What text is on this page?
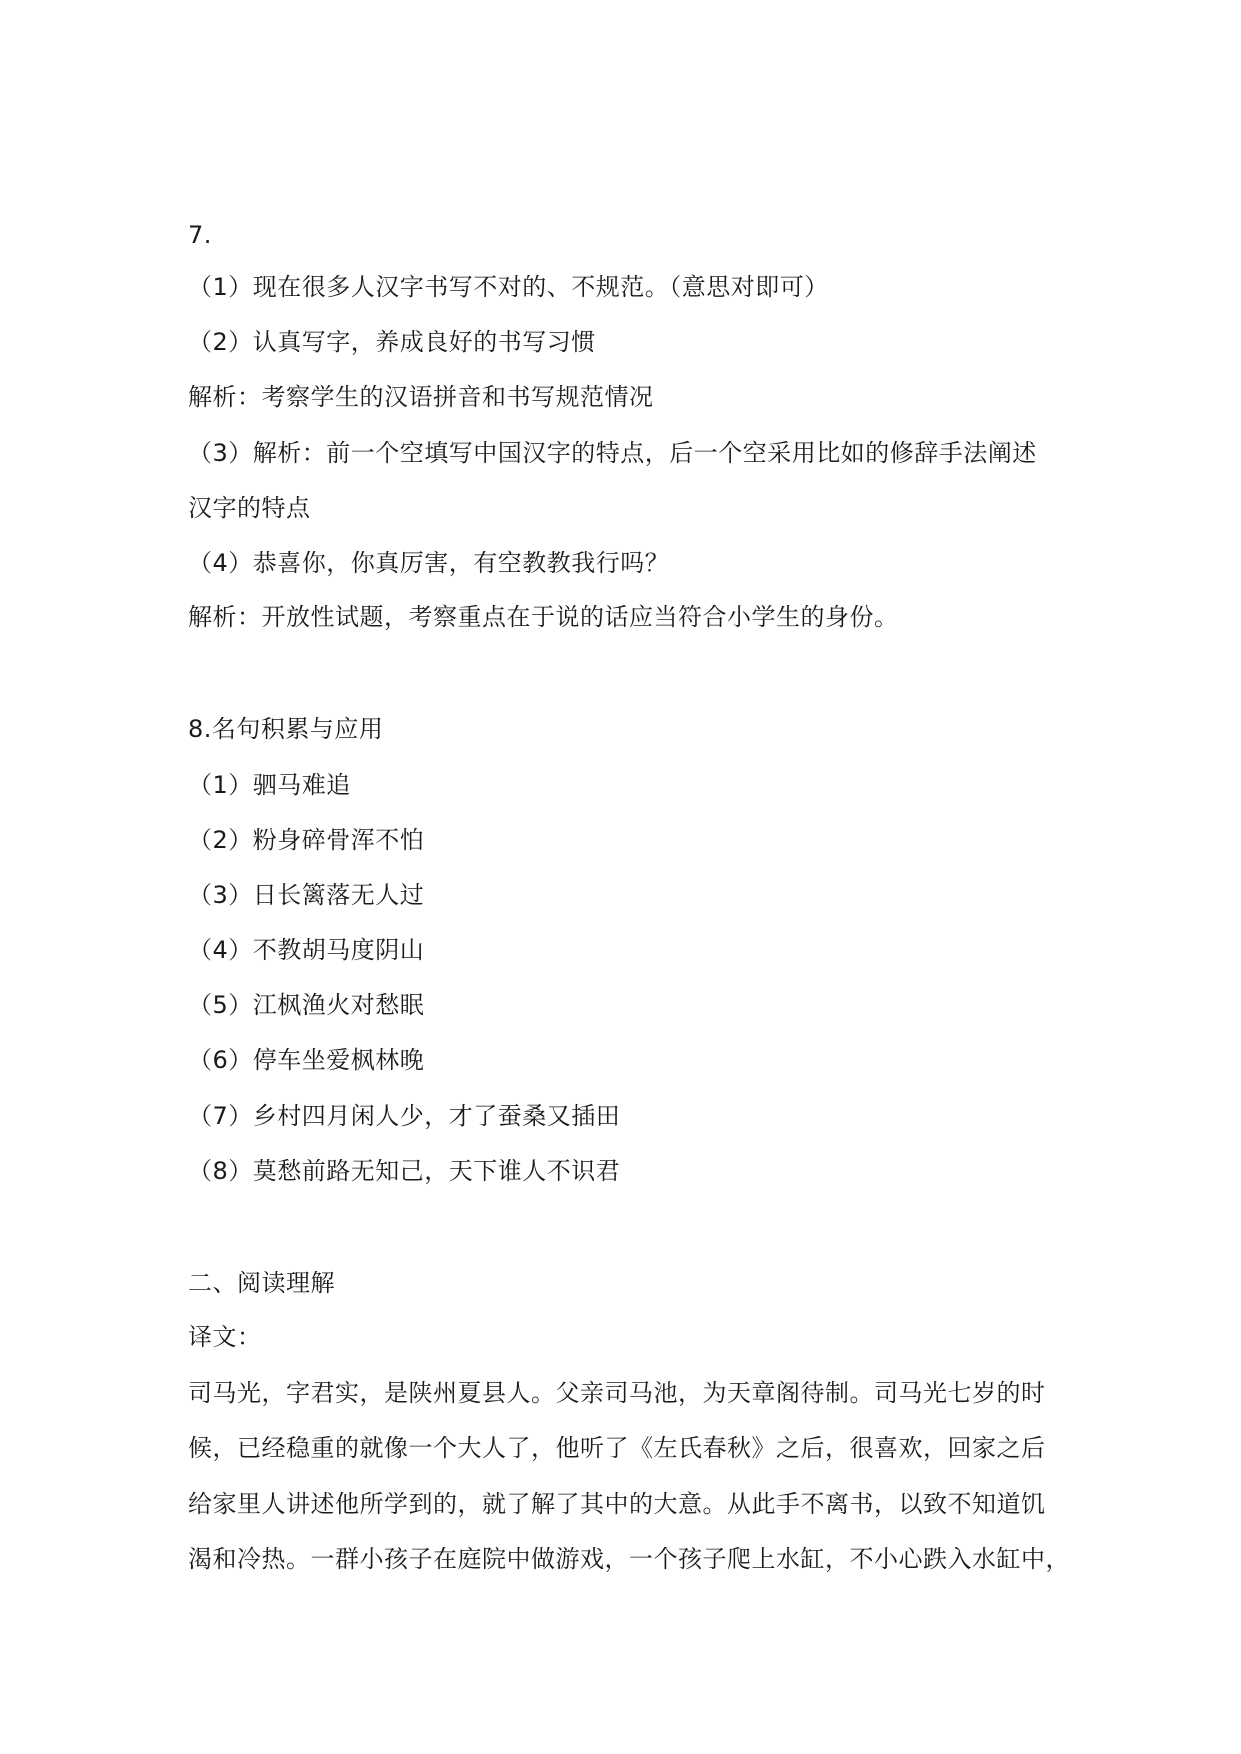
7.
（1）现在很多人汉字书写不对的、不规范。（意思对即可）
（2）认真写字，养成良好的书写习惯
解析：考察学生的汉语拼音和书写规范情况
（3）解析：前一个空填写中国汉字的特点，后一个空采用比如的修辞手法阐述
汉字的特点
（4）恭喜你，你真厉害，有空教教我行吗？
解析：开放性试题，考察重点在于说的话应当符合小学生的身份。
8.名句积累与应用
（1）驷马难追
（2）粉身碎骨浑不怕
（3）日长篱落无人过
（4）不教胡马度阴山
（5）江枫渔火对愁眠
（6）停车坐爱枫林晚
（7）乡村四月闲人少，才了蚕桑又插田
（8）莫愁前路无知己，天下谁人不识君
二、阅读理解
译文：
司马光，字君实，是陕州夏县人。父亲司马池，为天章阁待制。司马光七岁的时
候，已经稳重的就像一个大人了，他听了《左氏春秋》之后，很喜欢，回家之后
给家里人讲述他所学到的，就了解了其中的大意。从此手不离书，以致不知道饥
渴和冷热。一群小孩子在庭院中做游戏，一个孩子爬上水缸，不小心跌入水缸中，
